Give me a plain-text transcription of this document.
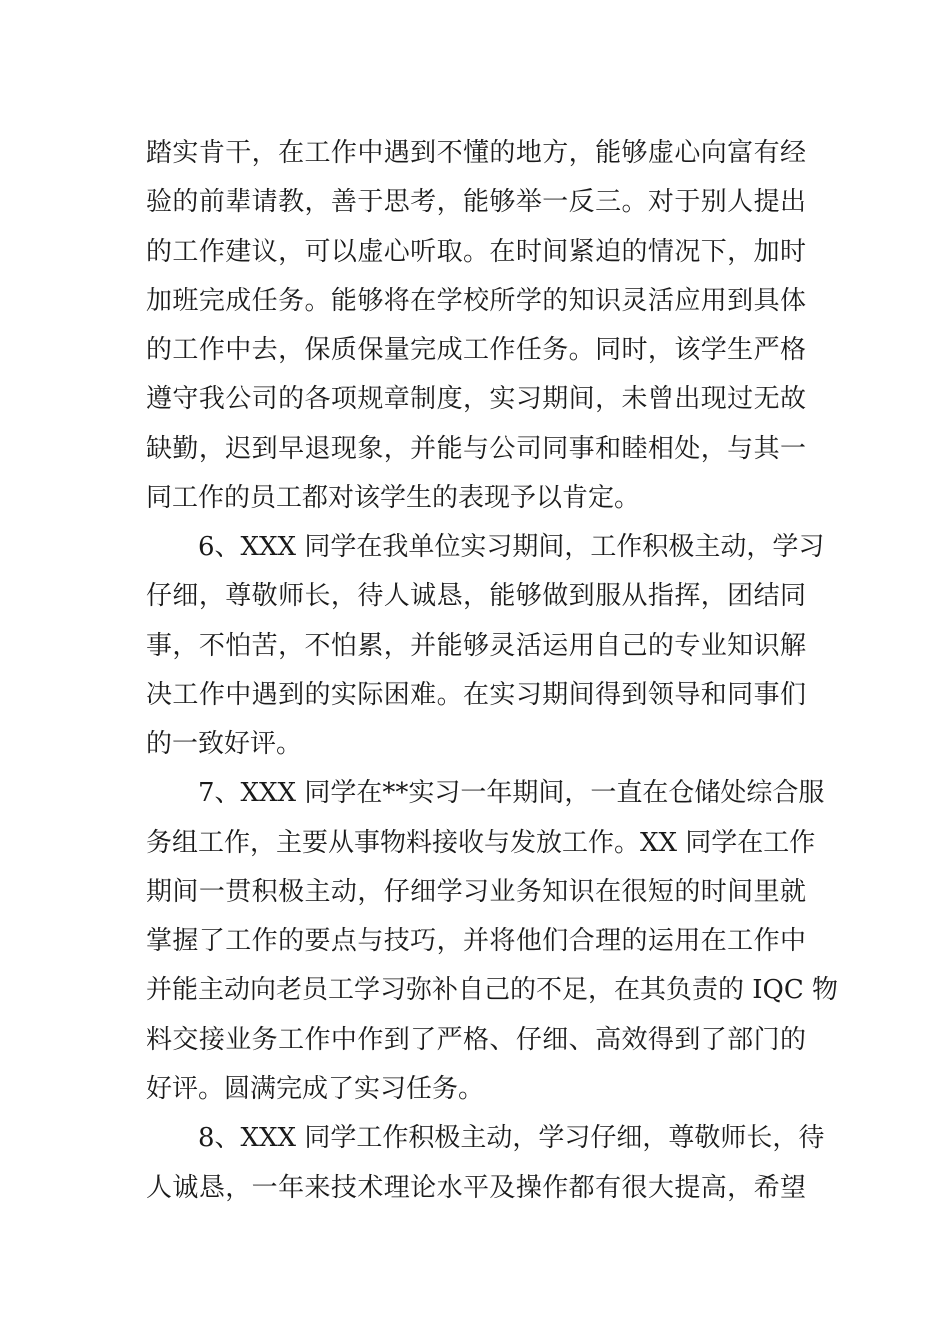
踏实肯干，在工作中遇到不懂的地方，能够虚心向富有经
验的前辈请教，善于思考，能够举一反三。对于别人提出
的工作建议，可以虚心听取。在时间紧迫的情况下，加时
加班完成任务。能够将在学校所学的知识灵活应用到具体
的工作中去，保质保量完成工作任务。同时，该学生严格
遵守我公司的各项规章制度，实习期间，未曾出现过无故
缺勤，迟到早退现象，并能与公司同事和睦相处，与其一
同工作的员工都对该学生的表现予以肯定。
6、XXX 同学在我单位实习期间，工作积极主动，学习
仔细，尊敬师长，待人诚恳，能够做到服从指挥，团结同
事，不怕苦，不怕累，并能够灵活运用自己的专业知识解
决工作中遇到的实际困难。在实习期间得到领导和同事们
的一致好评。
7、XXX 同学在**实习一年期间，一直在仓储处综合服
务组工作，主要从事物料接收与发放工作。XX 同学在工作
期间一贯积极主动，仔细学习业务知识在很短的时间里就
掌握了工作的要点与技巧，并将他们合理的运用在工作中
并能主动向老员工学习弥补自己的不足，在其负责的 IQC 物
料交接业务工作中作到了严格、仔细、高效得到了部门的
好评。圆满完成了实习任务。
8、XXX 同学工作积极主动，学习仔细，尊敬师长，待
人诚恳，一年来技术理论水平及操作都有很大提高，希望
